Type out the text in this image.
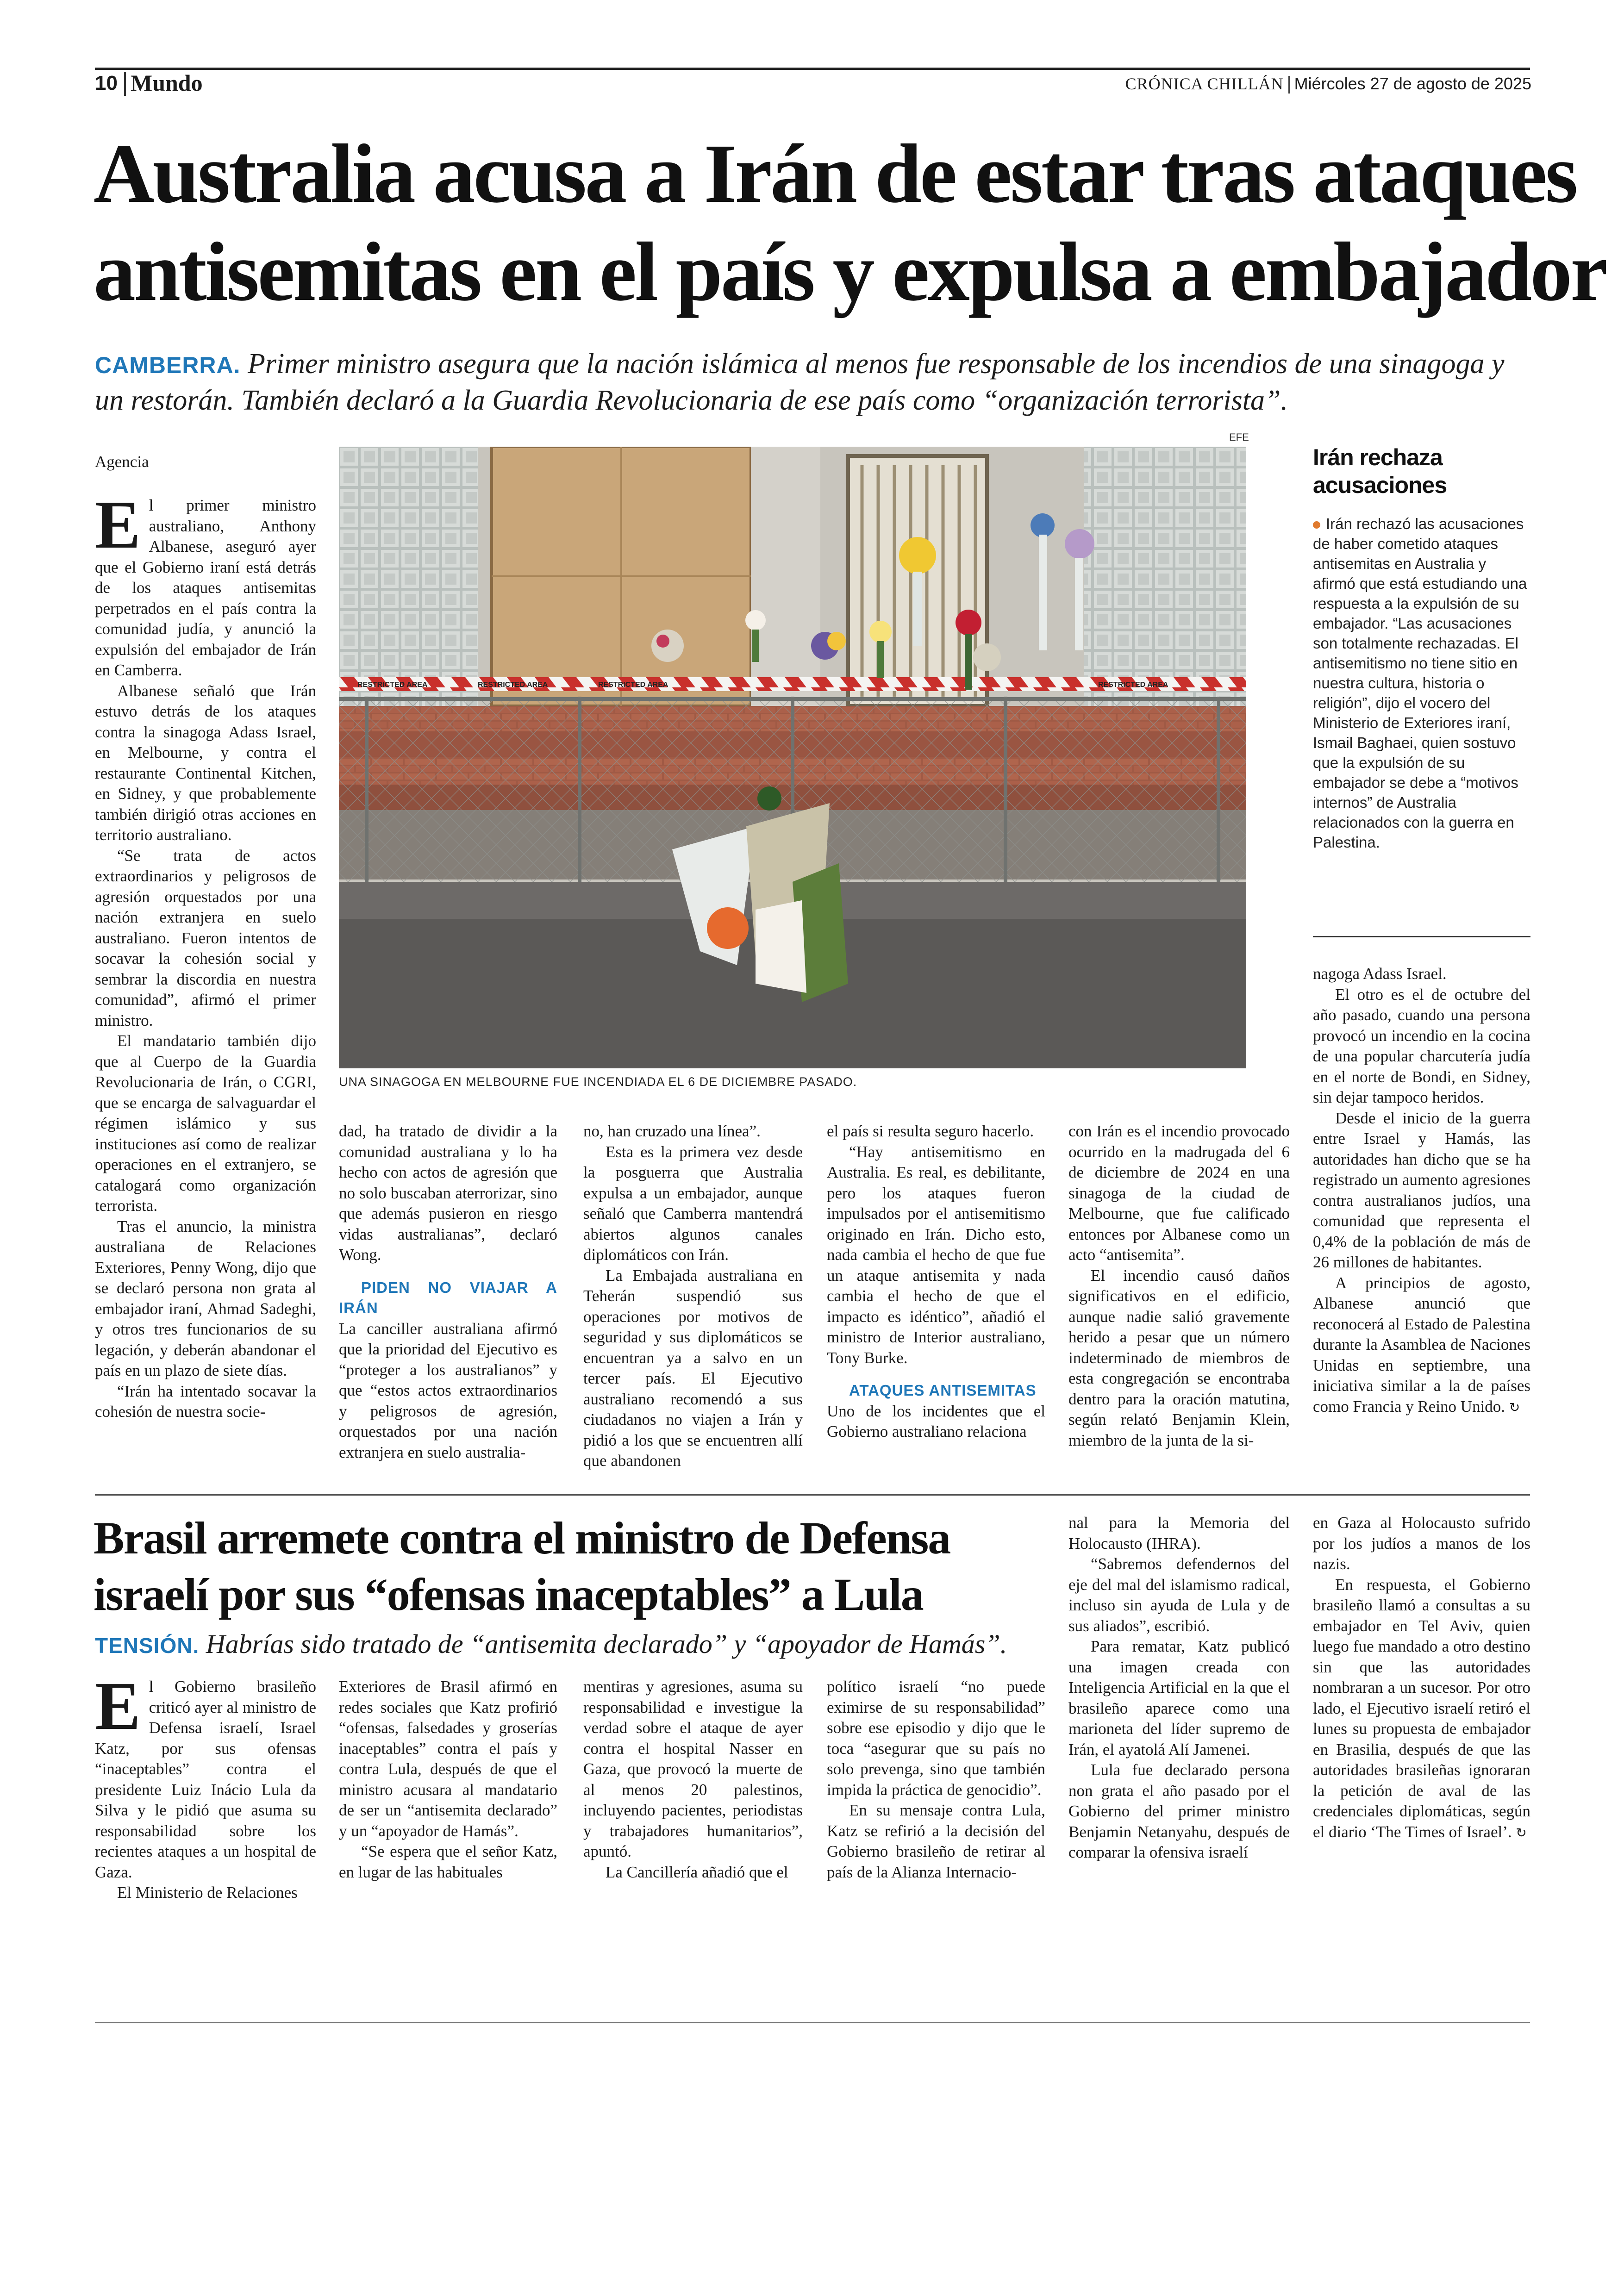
10 Mundo	CRÓNICA CHILLÁN Miércoles 27 de agosto de 2025
Australia acusa a Irán de estar tras ataques
antisemitas en el país y expulsa a embajador
CAMBERRA. Primer ministro asegura que la nación islámica al menos fue responsable de los incendios de una sinagoga y
un restorán. También declaró a la Guardia Revolucionaria de ese país como “organización terrorista”.
Agencia

El primer ministro australiano, Anthony Albanese, aseguró ayer que el Gobierno iraní está detrás de los ataques antisemitas perpetrados en el país contra la comunidad judía, y anunció la expulsión del embajador de Irán en Camberra.

Albanese señaló que Irán estuvo detrás de los ataques contra la sinagoga Adass Israel, en Melbourne, y contra el restaurante Continental Kitchen, en Sidney, y que probablemente también dirigió otras acciones en territorio australiano.

“Se trata de actos extraordinarios y peligrosos de agresión orquestados por una nación extranjera en suelo australiano. Fueron intentos de socavar la cohesión social y sembrar la discordia en nuestra comunidad”, afirmó el primer ministro.

El mandatario también dijo que al Cuerpo de la Guardia Revolucionaria de Irán, o CGRI, que se encarga de salvaguardar el régimen islámico y sus instituciones así como de realizar operaciones en el extranjero, se catalogará como organización terrorista.

Tras el anuncio, la ministra australiana de Relaciones Exteriores, Penny Wong, dijo que se declaró persona non grata al embajador iraní, Ahmad Sadeghi, y otros tres funcionarios de su legación, y deberán abandonar el país en un plazo de siete días.

“Irán ha intentado socavar la cohesión de nuestra socie-

EFE
RESTRICTED AREA	RESTRICTED AREA	RESTRICTED AREA	RESTRICTED AREA
UNA SINAGOGA EN MELBOURNE FUE INCENDIADA EL 6 DE DICIEMBRE PASADO.
Irán rechaza
acusaciones
Irán rechazó las acusaciones de haber cometido ataques antisemitas en Australia y afirmó que está estudiando una respuesta a la expulsión de su embajador. “Las acusaciones son totalmente rechazadas. El antisemitismo no tiene sitio en nuestra cultura, historia o religión”, dijo el vocero del Ministerio de Exteriores iraní, Ismail Baghaei, quien sostuvo que la expulsión de su embajador se debe a “motivos internos” de Australia relacionados con la guerra en Palestina.

dad, ha tratado de dividir a la comunidad australiana y lo ha hecho con actos de agresión que no solo buscaban aterrorizar, sino que además pusieron en riesgo vidas australianas”, declaró Wong.

PIDEN NO VIAJAR A IRÁN

La canciller australiana afirmó que la prioridad del Ejecutivo es “proteger a los australianos” y que “estos actos extraordinarios y peligrosos de agresión, orquestados por una nación extranjera en suelo australia-

no, han cruzado una línea”.

Esta es la primera vez desde la posguerra que Australia expulsa a un embajador, aunque señaló que Camberra mantendrá abiertos algunos canales diplomáticos con Irán.

La Embajada australiana en Teherán suspendió sus operaciones por motivos de seguridad y sus diplomáticos se encuentran ya a salvo en un tercer país. El Ejecutivo australiano recomendó a sus ciudadanos no viajen a Irán y pidió a los que se encuentren allí que abandonen

el país si resulta seguro hacerlo.

“Hay antisemitismo en Australia. Es real, es debilitante, pero los ataques fueron impulsados por el antisemitismo originado en Irán. Dicho esto, nada cambia el hecho de que fue un ataque antisemita y nada cambia el hecho de que el impacto es idéntico”, añadió el ministro de Interior australiano, Tony Burke.

ATAQUES ANTISEMITAS

Uno de los incidentes que el Gobierno australiano relaciona

con Irán es el incendio provocado ocurrido en la madrugada del 6 de diciembre de 2024 en una sinagoga de la ciudad de Melbourne, que fue calificado entonces por Albanese como un acto “antisemita”.

El incendio causó daños significativos en el edificio, aunque nadie salió gravemente herido a pesar que un número indeterminado de miembros de esta congregación se encontraba dentro para la oración matutina, según relató Benjamin Klein, miembro de la junta de la si-

nagoga Adass Israel.

El otro es el de octubre del año pasado, cuando una persona provocó un incendio en la cocina de una popular charcutería judía en el norte de Bondi, en Sidney, sin dejar tampoco heridos.

Desde el inicio de la guerra entre Israel y Hamás, las autoridades han dicho que se ha registrado un aumento agresiones contra australianos judíos, una comunidad que representa el 0,4% de la población de más de 26 millones de habitantes.

A principios de agosto, Albanese anunció que reconocerá al Estado de Palestina durante la Asamblea de Naciones Unidas en septiembre, una iniciativa similar a la de países como Francia y Reino Unido. ↻

Brasil arremete contra el ministro de Defensa
israelí por sus “ofensas inaceptables” a Lula
TENSIÓN. Habrías sido tratado de “antisemita declarado” y “apoyador de Hamás”.

El Gobierno brasileño criticó ayer al ministro de Defensa israelí, Israel Katz, por sus ofensas “inaceptables” contra el presidente Luiz Inácio Lula da Silva y le pidió que asuma su responsabilidad sobre los recientes ataques a un hospital de Gaza.

El Ministerio de Relaciones

Exteriores de Brasil afirmó en redes sociales que Katz profirió “ofensas, falsedades y groserías inaceptables” contra el país y contra Lula, después de que el ministro acusara al mandatario de ser un “antisemita declarado” y un “apoyador de Hamás”.

“Se espera que el señor Katz, en lugar de las habituales

mentiras y agresiones, asuma su responsabilidad e investigue la verdad sobre el ataque de ayer contra el hospital Nasser en Gaza, que provocó la muerte de al menos 20 palestinos, incluyendo pacientes, periodistas y trabajadores humanitarios”, apuntó.

La Cancillería añadió que el

político israelí “no puede eximirse de su responsabilidad” sobre ese episodio y dijo que le toca “asegurar que su país no solo prevenga, sino que también impida la práctica de genocidio”.

En su mensaje contra Lula, Katz se refirió a la decisión del Gobierno brasileño de retirar al país de la Alianza Internacio-

nal para la Memoria del Holocausto (IHRA).

“Sabremos defendernos del eje del mal del islamismo radical, incluso sin ayuda de Lula y de sus aliados”, escribió.

Para rematar, Katz publicó una imagen creada con Inteligencia Artificial en la que el brasileño aparece como una marioneta del líder supremo de Irán, el ayatolá Alí Jamenei.

Lula fue declarado persona non grata el año pasado por el Gobierno del primer ministro Benjamin Netanyahu, después de comparar la ofensiva israelí

en Gaza al Holocausto sufrido por los judíos a manos de los nazis.

En respuesta, el Gobierno brasileño llamó a consultas a su embajador en Tel Aviv, quien luego fue mandado a otro destino sin que las autoridades nombraran a un sucesor. Por otro lado, el Ejecutivo israelí retiró el lunes su propuesta de embajador en Brasilia, después de que las autoridades brasileñas ignoraran la petición de aval de las credenciales diplomáticas, según el diario ‘The Times of Israel’. ↻
